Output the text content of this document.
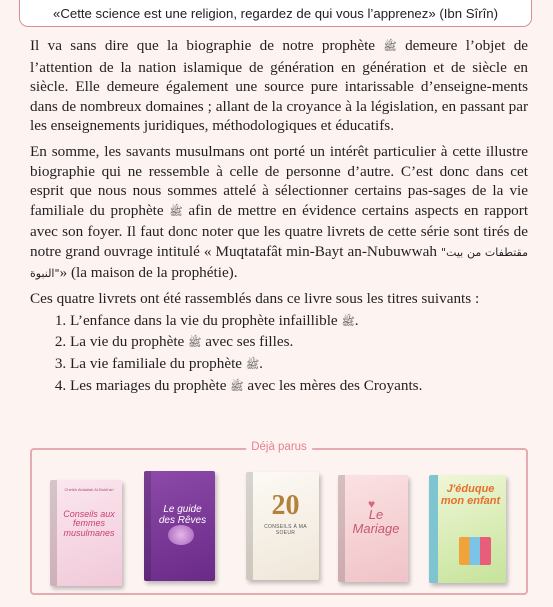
«Cette science est une religion, regardez de qui vous l’apprenez» (Ibn Sîrîn)

Il va sans dire que la biographie de notre prophète ﷺ demeure l’objet de l’attention de la nation islamique de génération en génération et de siècle en siècle. Elle demeure également une source pure intarissable d’enseigne-ments dans de nombreux domaines ; allant de la croyance à la législation, en passant par les enseignements juridiques, méthodologiques et éducatifs.

En somme, les savants musulmans ont porté un intérêt particulier à cette illustre biographie qui ne ressemble à celle de personne d’autre. C’est donc dans cet esprit que nous nous sommes attelé à sélectionner certains pas-sages de la vie familiale du prophète ﷺ afin de mettre en évidence certains aspects en rapport avec son foyer. Il faut donc noter que les quatre livrets de cette série sont tirés de notre grand ouvrage intitulé « Muqtatafât min-Bayt an-Nubuwwah "مقتطفات من بيت النبوة"» (la maison de la prophétie).

Ces quatre livrets ont été rassemblés dans ce livre sous les titres suivants :

1. L’enfance dans la vie du prophète infaillible ﷺ.
2. La vie du prophète ﷺ avec ses filles.
3. La vie familiale du prophète ﷺ.
4. Les mariages du prophète ﷺ avec les mères des Croyants.
Déjà parus
Cheikh Abdallah Al-Bukh'ari
Conseils aux femmes musulmanes
Le guide des Rêves	20
CONSEILS À MA SOEUR
♥
Le Mariage
J'éduque mon enfant
